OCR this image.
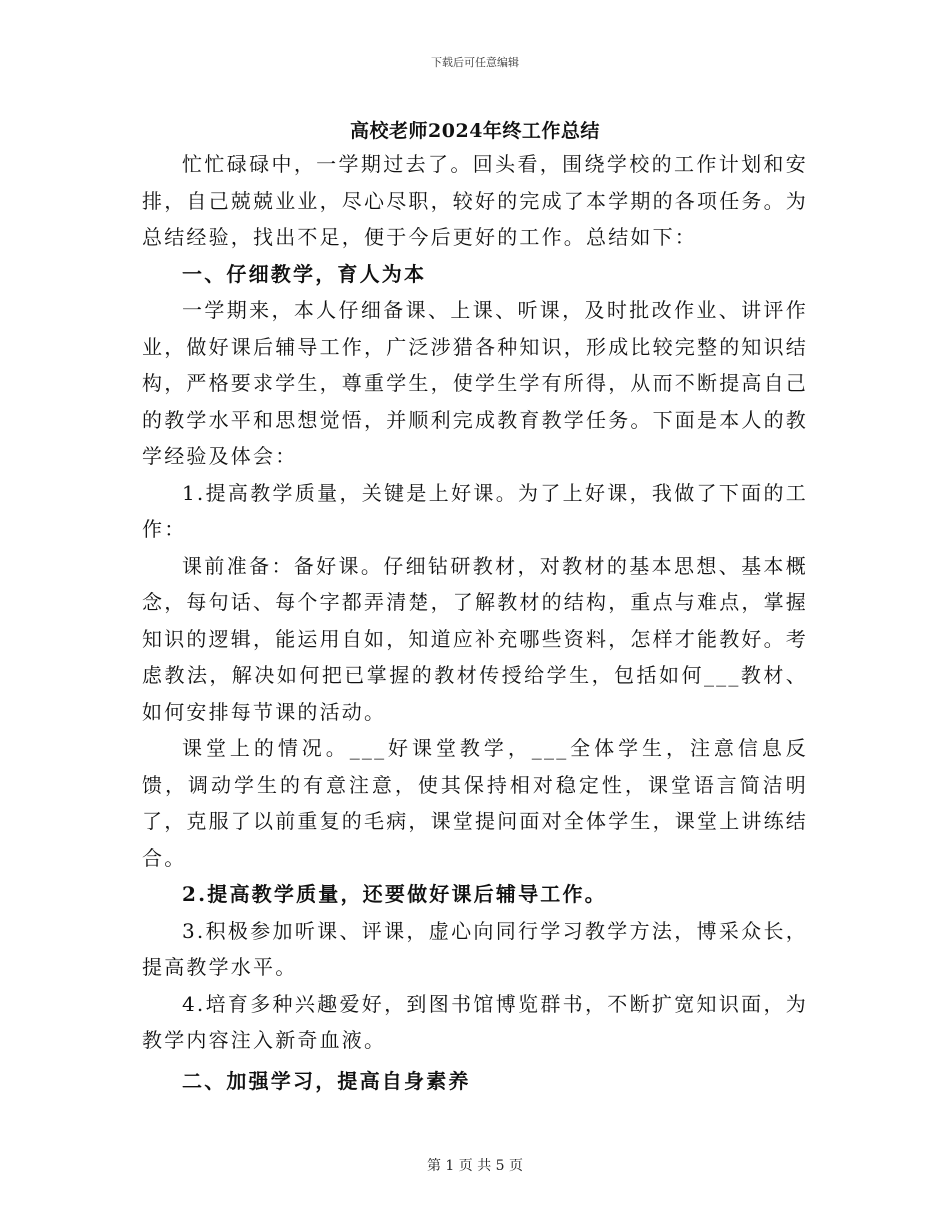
下载后可任意编辑
高校老师2024年终工作总结

忙忙碌碌中，一学期过去了。回头看，围绕学校的工作计划和安排，自己兢兢业业，尽心尽职，较好的完成了本学期的各项任务。为总结经验，找出不足，便于今后更好的工作。总结如下：

一、仔细教学，育人为本

一学期来，本人仔细备课、上课、听课，及时批改作业、讲评作业，做好课后辅导工作，广泛涉猎各种知识，形成比较完整的知识结构，严格要求学生，尊重学生，使学生学有所得，从而不断提高自己的教学水平和思想觉悟，并顺利完成教育教学任务。下面是本人的教学经验及体会：

1.提高教学质量，关键是上好课。为了上好课，我做了下面的工作：

课前准备：备好课。仔细钻研教材，对教材的基本思想、基本概念，每句话、每个字都弄清楚，了解教材的结构，重点与难点，掌握知识的逻辑，能运用自如，知道应补充哪些资料，怎样才能教好。考虑教法，解决如何把已掌握的教材传授给学生，包括如何___教材、如何安排每节课的活动。

课堂上的情况。___好课堂教学，___全体学生，注意信息反馈，调动学生的有意注意，使其保持相对稳定性，课堂语言简洁明了，克服了以前重复的毛病，课堂提问面对全体学生，课堂上讲练结合。

2.提高教学质量，还要做好课后辅导工作。

3.积极参加听课、评课，虚心向同行学习教学方法，博采众长，提高教学水平。

4.培育多种兴趣爱好，到图书馆博览群书，不断扩宽知识面，为教学内容注入新奇血液。

二、加强学习，提高自身素养

第 1 页 共 5 页
